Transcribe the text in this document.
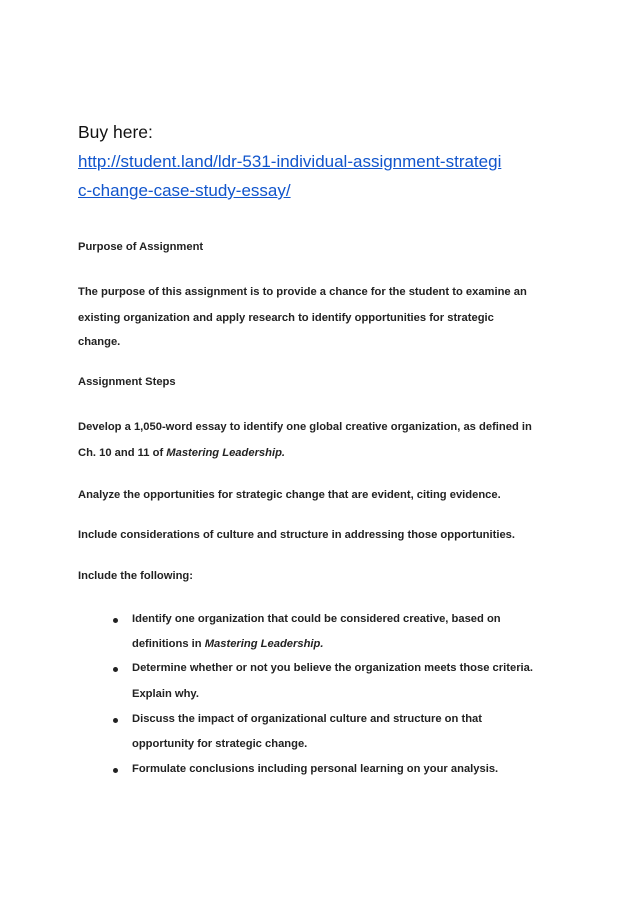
Buy here:
http://student.land/ldr-531-individual-assignment-strategi
c-change-case-study-essay/
Purpose of Assignment
The purpose of this assignment is to provide a chance for the student to examine an
existing organization and apply research to identify opportunities for strategic
change.
Assignment Steps
Develop a 1,050-word essay to identify one global creative organization, as defined in
Ch. 10 and 11 of Mastering Leadership.
Analyze the opportunities for strategic change that are evident, citing evidence.
Include considerations of culture and structure in addressing those opportunities.
Include the following:
Identify one organization that could be considered creative, based on
definitions in Mastering Leadership.
Determine whether or not you believe the organization meets those criteria.
Explain why.
Discuss the impact of organizational culture and structure on that
opportunity for strategic change.
Formulate conclusions including personal learning on your analysis.
